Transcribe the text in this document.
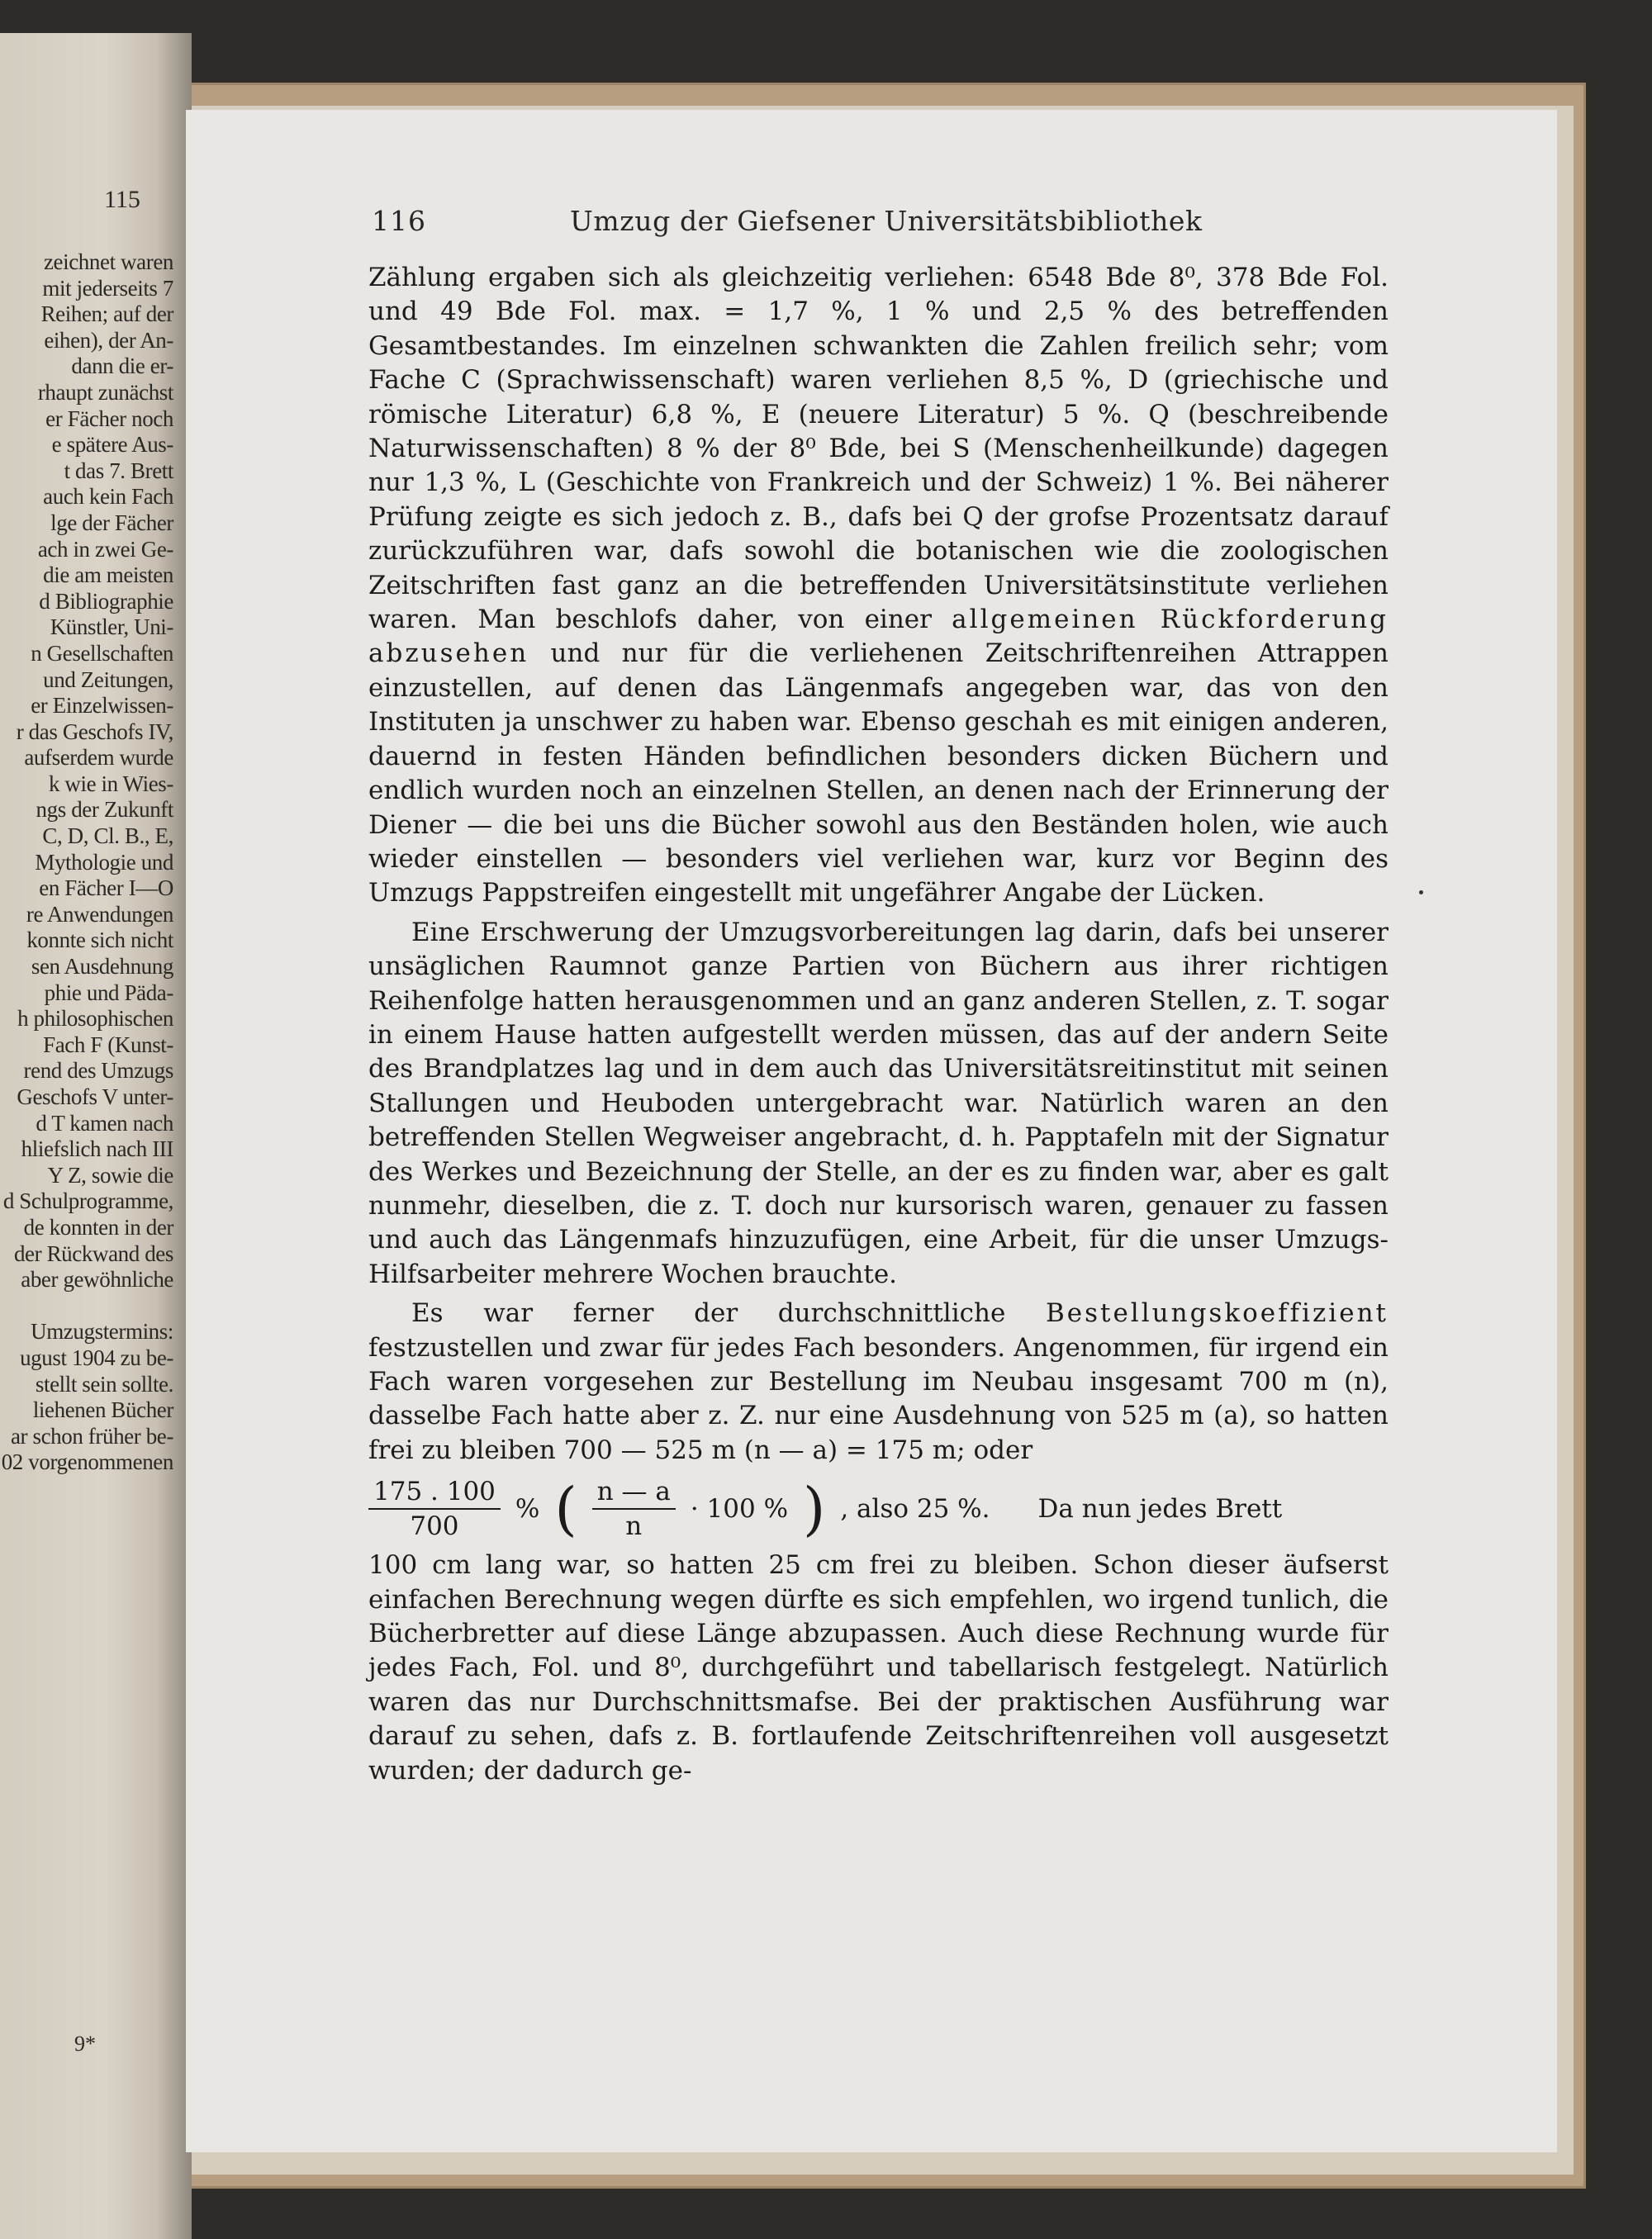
115
zeichnet waren
mit jederseits 7
Reihen; auf der
eihen), der An-
dann die er-
rhaupt zunächst
er Fächer noch
e spätere Aus-
t das 7. Brett
auch kein Fach
lge der Fächer
ach in zwei Ge-
die am meisten
d Bibliographie
Künstler, Uni-
n Gesellschaften
und Zeitungen,
er Einzelwissen-
r das Geschofs IV,
aufserdem wurde
k wie in Wies-
ngs der Zukunft
C, D, Cl. B., E,
Mythologie und
en Fächer I—O
re Anwendungen
konnte sich nicht
sen Ausdehnung
phie und Päda-
h philosophischen
Fach F (Kunst-
rend des Umzugs
Geschofs V unter-
d T kamen nach
hliefslich nach III
Y Z, sowie die
d Schulprogramme,
de konnten in der
der Rückwand des
aber gewöhnliche
Umzugstermins:
ugust 1904 zu be-
stellt sein sollte.
liehenen Bücher
ar schon früher be-
02 vorgenommenen
9*
116	Umzug der Giefsener Universitätsbibliothek

Zählung ergaben sich als gleichzeitig verliehen: 6548 Bde 8⁰, 378 Bde Fol. und 49 Bde Fol. max. = 1,7 %, 1 % und 2,5 % des betreffenden Gesamtbestandes. Im einzelnen schwankten die Zahlen freilich sehr; vom Fache C (Sprachwissenschaft) waren verliehen 8,5 %, D (griechische und römische Literatur) 6,8 %, E (neuere Literatur) 5 %. Q (beschreibende Naturwissenschaften) 8 % der 8⁰ Bde, bei S (Menschenheilkunde) dagegen nur 1,3 %, L (Geschichte von Frankreich und der Schweiz) 1 %. Bei näherer Prüfung zeigte es sich jedoch z. B., dafs bei Q der grofse Prozentsatz darauf zurückzuführen war, dafs sowohl die botanischen wie die zoologischen Zeitschriften fast ganz an die betreffenden Universitätsinstitute verliehen waren. Man beschlofs daher, von einer allgemeinen Rückforderung abzusehen und nur für die verliehenen Zeitschriftenreihen Attrappen einzustellen, auf denen das Längenmafs angegeben war, das von den Instituten ja unschwer zu haben war. Ebenso geschah es mit einigen anderen, dauernd in festen Händen befindlichen besonders dicken Büchern und endlich wurden noch an einzelnen Stellen, an denen nach der Erinnerung der Diener — die bei uns die Bücher sowohl aus den Beständen holen, wie auch wieder einstellen — besonders viel verliehen war, kurz vor Beginn des Umzugs Pappstreifen eingestellt mit ungefährer Angabe der Lücken.

Eine Erschwerung der Umzugsvorbereitungen lag darin, dafs bei unserer unsäglichen Raumnot ganze Partien von Büchern aus ihrer richtigen Reihenfolge hatten herausgenommen und an ganz anderen Stellen, z. T. sogar in einem Hause hatten aufgestellt werden müssen, das auf der andern Seite des Brandplatzes lag und in dem auch das Universitätsreitinstitut mit seinen Stallungen und Heuboden untergebracht war. Natürlich waren an den betreffenden Stellen Wegweiser angebracht, d. h. Papptafeln mit der Signatur des Werkes und Bezeichnung der Stelle, an der es zu finden war, aber es galt nunmehr, dieselben, die z. T. doch nur kursorisch waren, genauer zu fassen und auch das Längenmafs hinzuzufügen, eine Arbeit, für die unser Umzugs-Hilfsarbeiter mehrere Wochen brauchte.

Es war ferner der durchschnittliche Bestellungskoeffizient festzustellen und zwar für jedes Fach besonders. Angenommen, für irgend ein Fach waren vorgesehen zur Bestellung im Neubau insgesamt 700 m (n), dasselbe Fach hatte aber z. Z. nur eine Ausdehnung von 525 m (a), so hatten frei zu bleiben 700 — 525 m (n — a) = 175 m; oder

$\frac{175 . 100}{700}$ % ( $\frac{n — a}{n} \cdot 100$ % ) , also 25 %. Da nun jedes Brett

100 cm lang war, so hatten 25 cm frei zu bleiben. Schon dieser äufserst einfachen Berechnung wegen dürfte es sich empfehlen, wo irgend tunlich, die Bücherbretter auf diese Länge abzupassen. Auch diese Rechnung wurde für jedes Fach, Fol. und 8⁰, durchgeführt und tabellarisch festgelegt. Natürlich waren das nur Durchschnittsmafse. Bei der praktischen Ausführung war darauf zu sehen, dafs z. B. fortlaufende Zeitschriftenreihen voll ausgesetzt wurden; der dadurch ge-
